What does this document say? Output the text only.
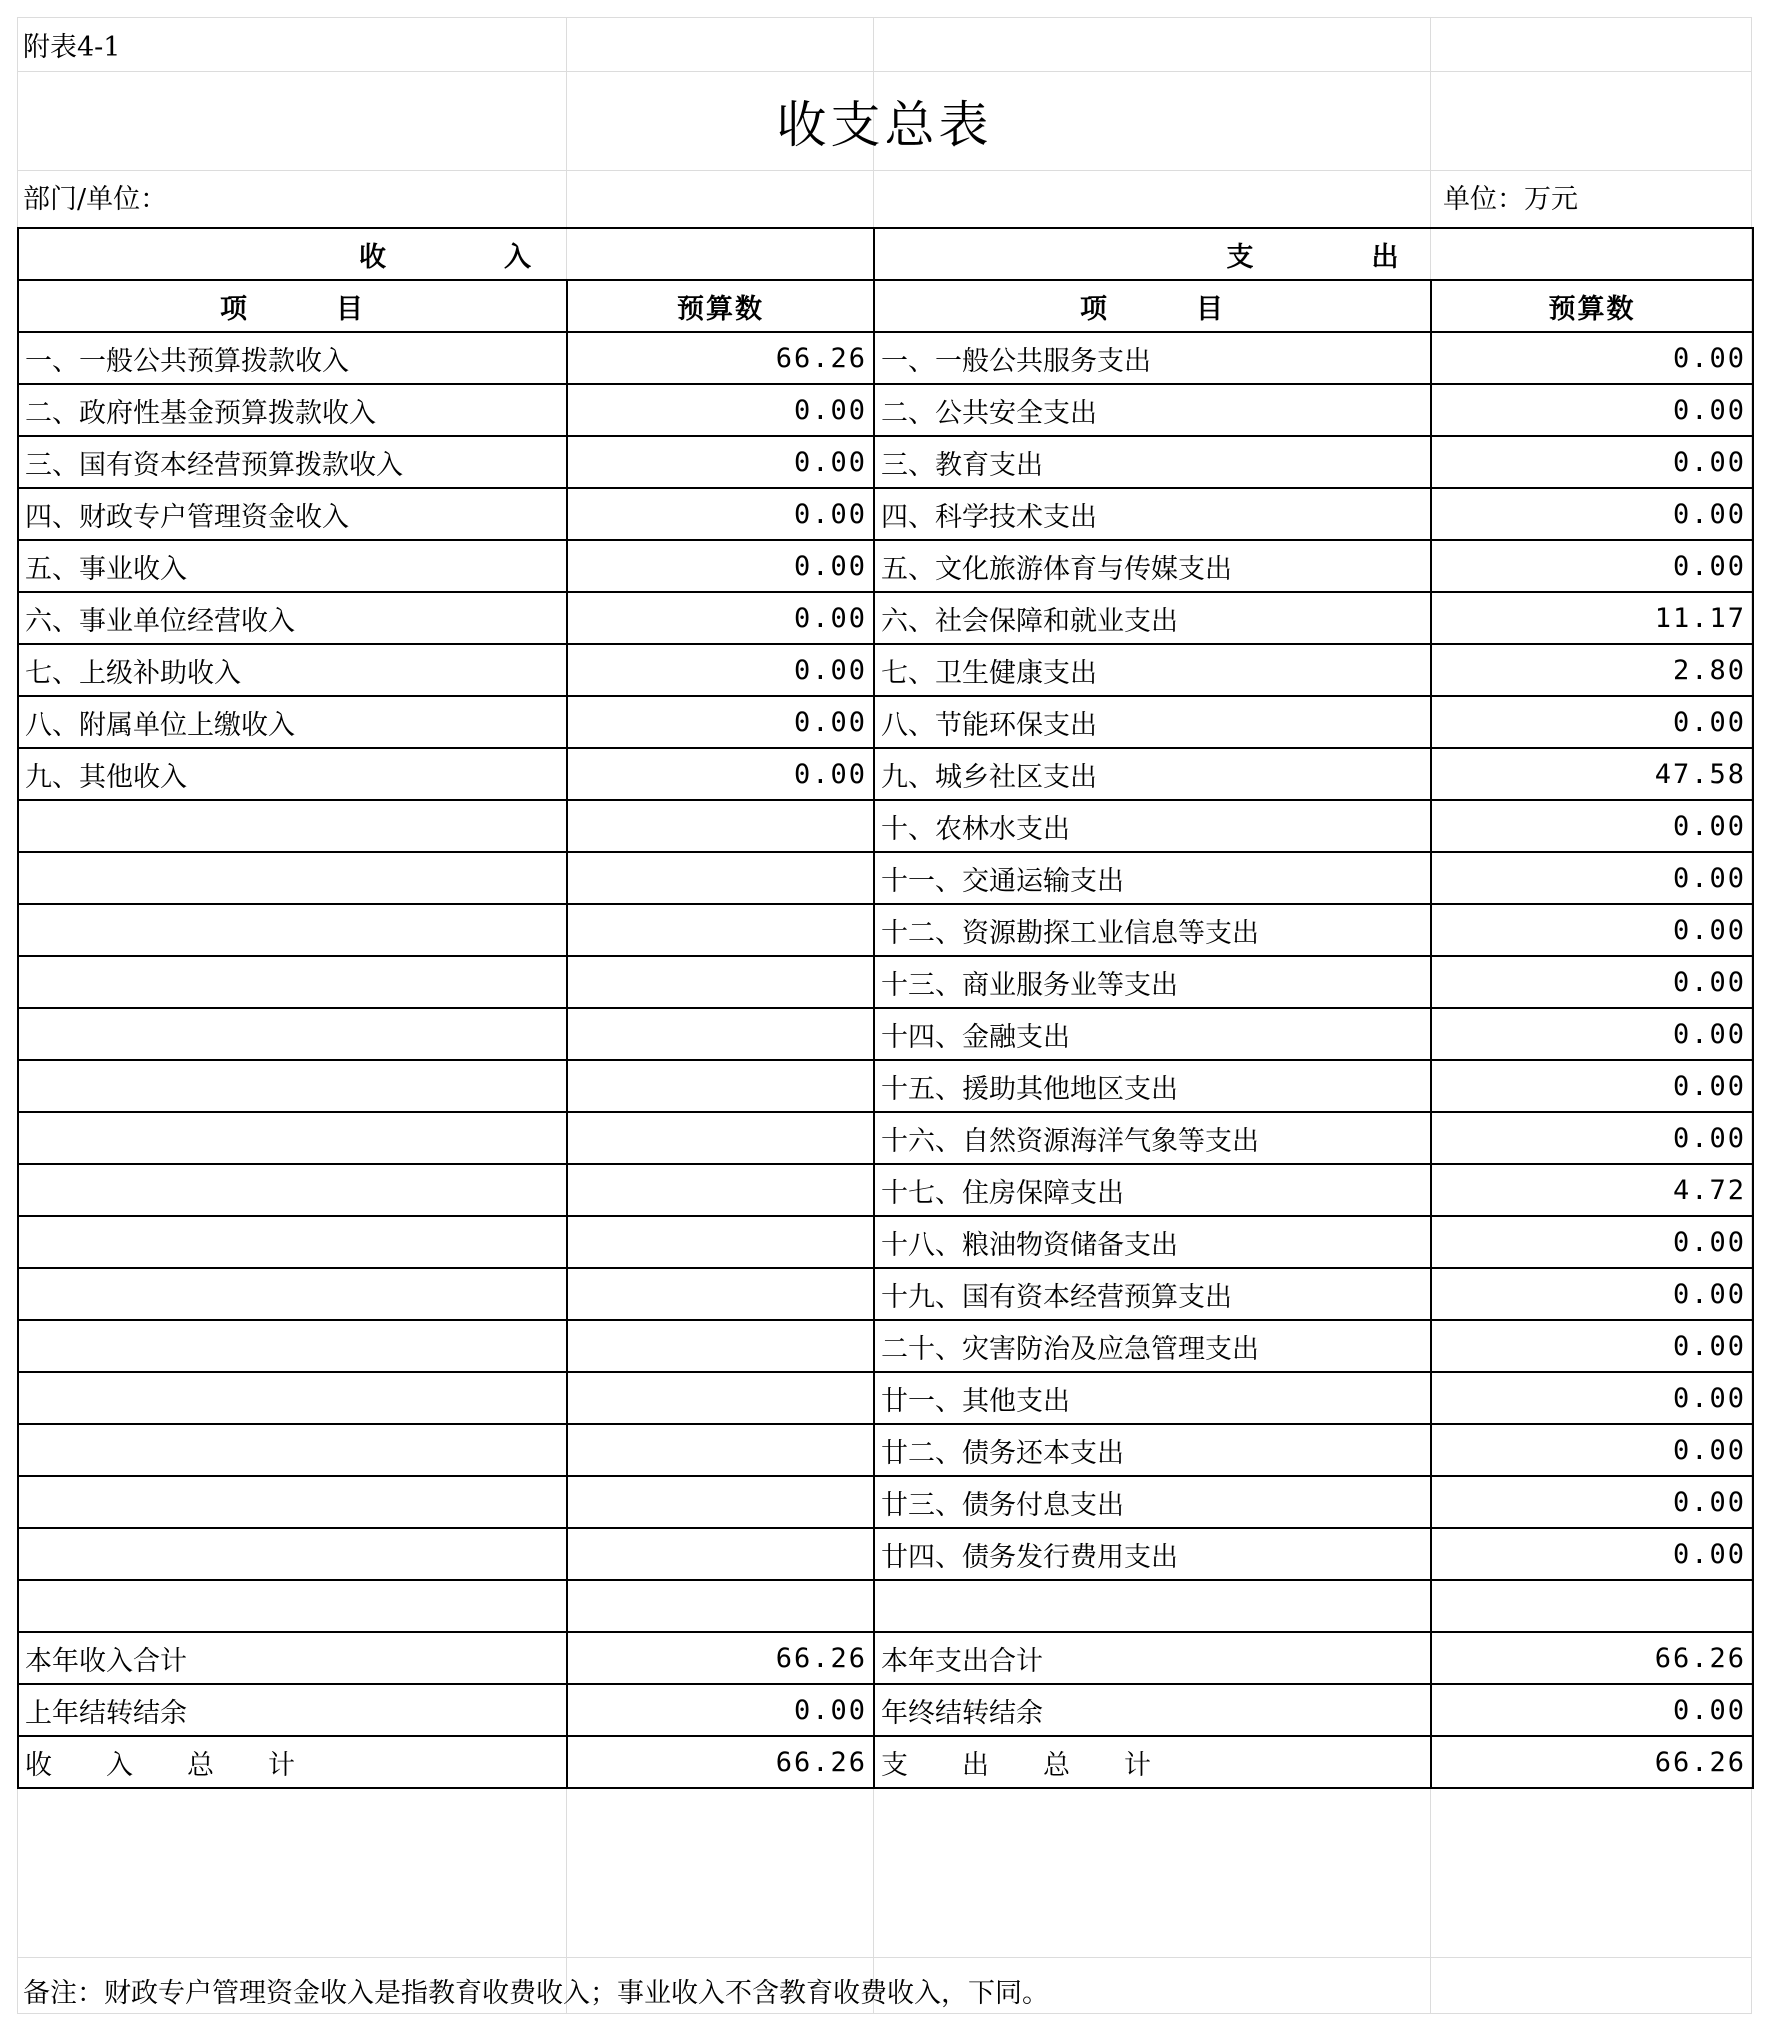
附表4-1
收支总表
部门/单位：	单位：万元
收　　　　入		支　　　　出	
项　　　目	预算数	项　　　目	预算数
一、一般公共预算拨款收入	66.26	一、一般公共服务支出	0.00
二、政府性基金预算拨款收入	0.00	二、公共安全支出	0.00
三、国有资本经营预算拨款收入	0.00	三、教育支出	0.00
四、财政专户管理资金收入	0.00	四、科学技术支出	0.00
五、事业收入	0.00	五、文化旅游体育与传媒支出	0.00
六、事业单位经营收入	0.00	六、社会保障和就业支出	11.17
七、上级补助收入	0.00	七、卫生健康支出	2.80
八、附属单位上缴收入	0.00	八、节能环保支出	0.00
九、其他收入	0.00	九、城乡社区支出	47.58
		十、农林水支出	0.00
		十一、交通运输支出	0.00
		十二、资源勘探工业信息等支出	0.00
		十三、商业服务业等支出	0.00
		十四、金融支出	0.00
		十五、援助其他地区支出	0.00
		十六、自然资源海洋气象等支出	0.00
		十七、住房保障支出	4.72
		十八、粮油物资储备支出	0.00
		十九、国有资本经营预算支出	0.00
		二十、灾害防治及应急管理支出	0.00
		廿一、其他支出	0.00
		廿二、债务还本支出	0.00
		廿三、债务付息支出	0.00
		廿四、债务发行费用支出	0.00

本年收入合计	66.26	本年支出合计	66.26
上年结转结余	0.00	年终结转结余	0.00
收　　入　　总　　计	66.26	支　　出　　总　　计	66.26
备注：财政专户管理资金收入是指教育收费收入；事业收入不含教育收费收入，下同。
